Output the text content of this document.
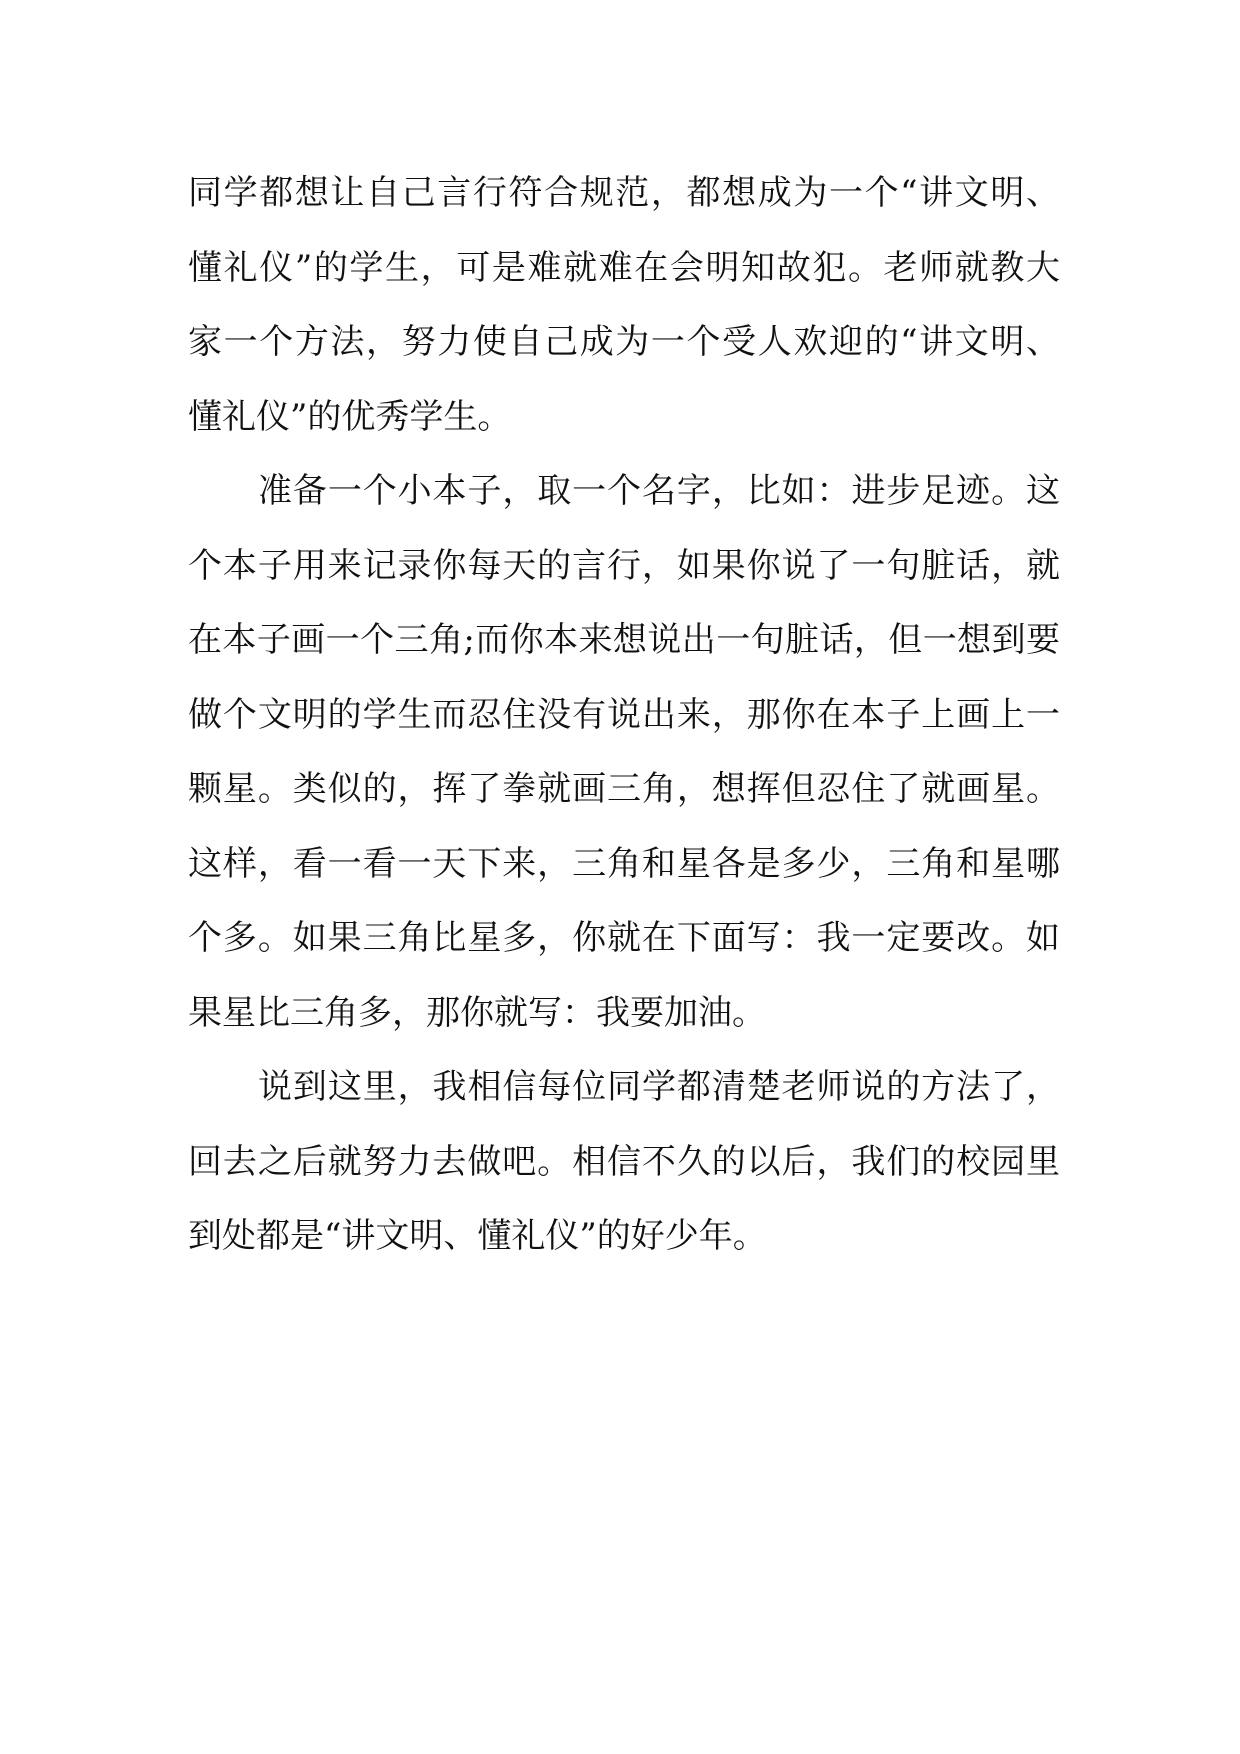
同学都想让自己言行符合规范，都想成为一个“讲文明、
懂礼仪”的学生，可是难就难在会明知故犯。老师就教大
家一个方法，努力使自己成为一个受人欢迎的“讲文明、
懂礼仪”的优秀学生。
准备一个小本子，取一个名字，比如：进步足迹。这
个本子用来记录你每天的言行，如果你说了一句脏话，就
在本子画一个三角;而你本来想说出一句脏话，但一想到要
做个文明的学生而忍住没有说出来，那你在本子上画上一
颗星。类似的，挥了拳就画三角，想挥但忍住了就画星。
这样，看一看一天下来，三角和星各是多少，三角和星哪
个多。如果三角比星多，你就在下面写：我一定要改。如
果星比三角多，那你就写：我要加油。
说到这里，我相信每位同学都清楚老师说的方法了，
回去之后就努力去做吧。相信不久的以后，我们的校园里
到处都是“讲文明、懂礼仪”的好少年。
